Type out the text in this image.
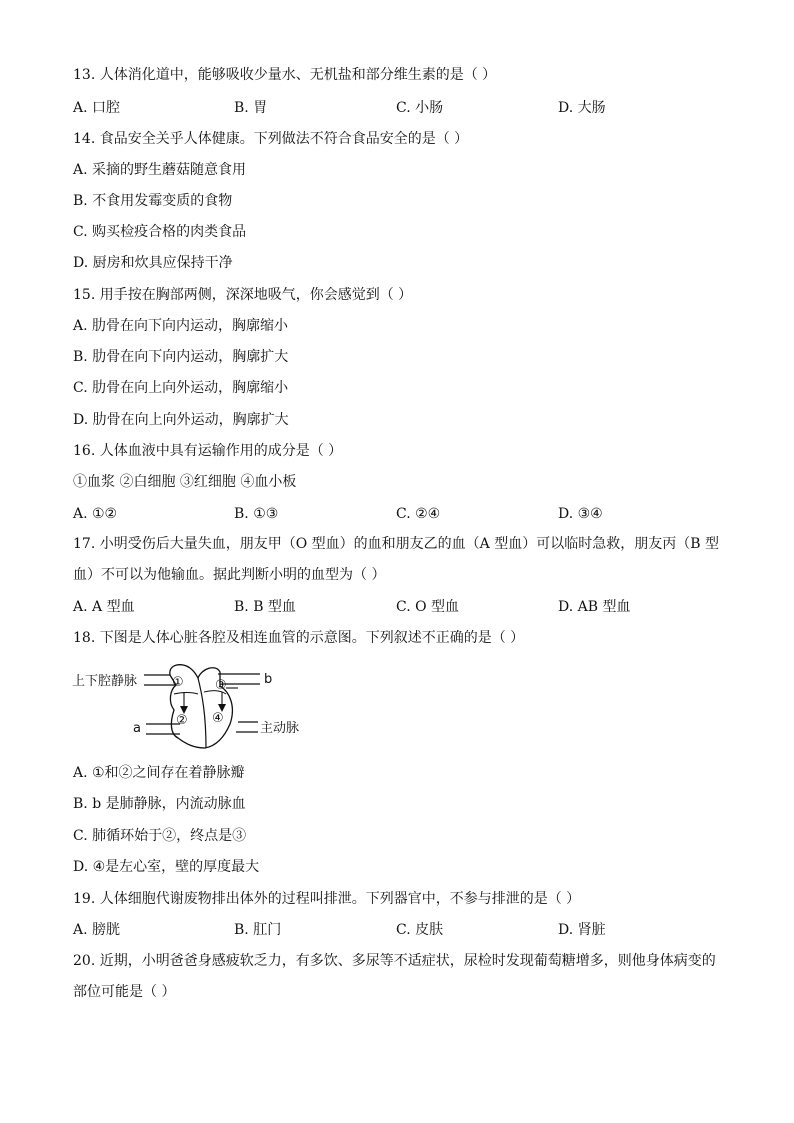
13. 人体消化道中，能够吸收少量水、无机盐和部分维生素的是（ ）
A. 口腔	B. 胃	C. 小肠	D. 大肠
14. 食品安全关乎人体健康。下列做法不符合食品安全的是（ ）
A. 采摘的野生蘑菇随意食用
B. 不食用发霉变质的食物
C. 购买检疫合格的肉类食品
D. 厨房和炊具应保持干净
15. 用手按在胸部两侧，深深地吸气，你会感觉到（ ）
A. 肋骨在向下向内运动，胸廓缩小
B. 肋骨在向下向内运动，胸廓扩大
C. 肋骨在向上向外运动，胸廓缩小
D. 肋骨在向上向外运动，胸廓扩大
16. 人体血液中具有运输作用的成分是（ ）
①血浆 ②白细胞 ③红细胞 ④血小板
A. ①②	B. ①③	C. ②④	D. ③④
17. 小明受伤后大量失血，朋友甲（O 型血）的血和朋友乙的血（A 型血）可以临时急救，朋友丙（B 型血）不可以为他输血。据此判断小明的血型为（ ）
A. A 型血	B. B 型血	C. O 型血	D. AB 型血
18. 下图是人体心脏各腔及相连血管的示意图。下列叙述不正确的是（ ）
上下腔静脉	b
a	主动脉
①
②
③
④
A. ①和②之间存在着静脉瓣
B. b 是肺静脉，内流动脉血
C. 肺循环始于②，终点是③
D. ④是左心室，壁的厚度最大
19. 人体细胞代谢废物排出体外的过程叫排泄。下列器官中，不参与排泄的是（ ）
A. 膀胱	B. 肛门	C. 皮肤	D. 肾脏
20. 近期，小明爸爸身感疲软乏力，有多饮、多尿等不适症状，尿检时发现葡萄糖增多，则他身体病变的部位可能是（ ）
